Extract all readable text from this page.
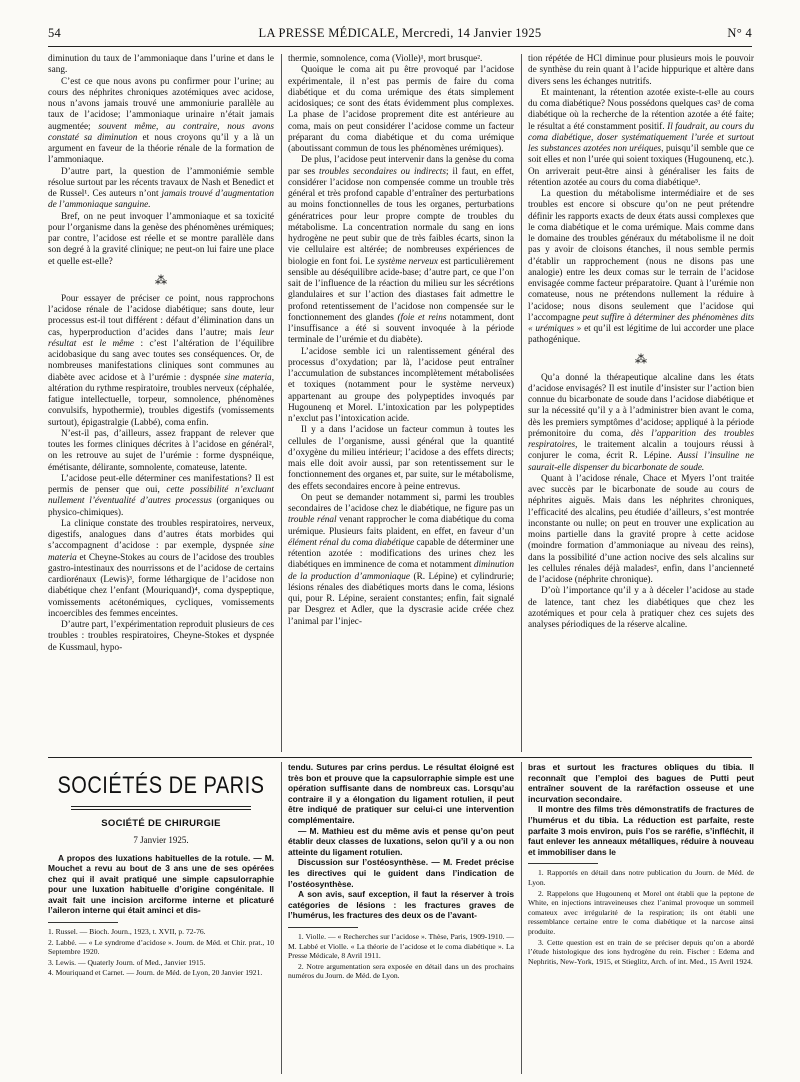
54	LA PRESSE MÉDICALE, Mercredi, 14 Janvier 1925	N° 4

diminution du taux de l’ammoniaque dans l’urine et dans le sang.

C’est ce que nous avons pu confirmer pour l’urine; au cours des néphrites chroniques azotémiques avec acidose, nous n’avons jamais trouvé une ammoniurie parallèle au taux de l’acidose; l’ammoniaque urinaire n’était jamais augmentée; souvent même, au contraire, nous avons constaté sa diminution et nous croyons qu’il y a là un argument en faveur de la théorie rénale de la formation de l’ammoniaque.

D’autre part, la question de l’ammoniémie semble résolue surtout par les récents travaux de Nash et Benedict et de Russel¹. Ces auteurs n’ont jamais trouvé d’augmentation de l’ammoniaque sanguine.

Bref, on ne peut invoquer l’ammoniaque et sa toxicité pour l’organisme dans la genèse des phénomènes urémiques; par contre, l’acidose est réelle et se montre parallèle dans son degré à la gravité clinique; ne peut-on lui faire une place et quelle est-elle?

⁂

Pour essayer de préciser ce point, nous rapprochons l’acidose rénale de l’acidose diabétique; sans doute, leur processus est-il tout différent : défaut d’élimination dans un cas, hyperproduction d’acides dans l’autre; mais leur résultat est le même : c’est l’altération de l’équilibre acidobasique du sang avec toutes ses conséquences. Or, de nombreuses manifestations cliniques sont communes au diabète avec acidose et à l’urémie : dyspnée sine materia, altération du rythme respiratoire, troubles nerveux (céphalée, fatigue intellectuelle, torpeur, somnolence, phénomènes convulsifs, hypothermie), troubles digestifs (vomissements surtout), épigastralgie (Labbé), coma enfin.

N’est-il pas, d’ailleurs, assez frappant de relever que toutes les formes cliniques décrites à l’acidose en général², on les retrouve au sujet de l’urémie : forme dyspnéique, émétisante, délirante, somnolente, comateuse, latente.

L’acidose peut-elle déterminer ces manifestations? Il est permis de penser que oui, cette possibilité n’excluant nullement l’éventualité d’autres processus (organiques ou physico-chimiques).

La clinique constate des troubles respiratoires, nerveux, digestifs, analogues dans d’autres états morbides qui s’accompagnent d’acidose : par exemple, dyspnée sine materia et Cheyne-Stokes au cours de l’acidose des troubles gastro-intestinaux des nourrissons et de l’acidose de certains cardiorénaux (Lewis)³, forme léthargique de l’acidose non diabétique chez l’enfant (Mouriquand)⁴, coma dyspeptique, vomissements acétonémiques, cycliques, vomissements incoercibles des femmes enceintes.

D’autre part, l’expérimentation reproduit plusieurs de ces troubles : troubles respiratoires, Cheyne-Stokes et dyspnée de Kussmaul, hypo-

thermie, somnolence, coma (Violle)¹, mort brusque².

Quoique le coma ait pu être provoqué par l’acidose expérimentale, il n’est pas permis de faire du coma diabétique et du coma urémique des états simplement acidosiques; ce sont des états évidemment plus complexes. La phase de l’acidose proprement dite est antérieure au coma, mais on peut considérer l’acidose comme un facteur préparant du coma diabétique et du coma urémique (aboutissant commun de tous les phénomènes urémiques).

De plus, l’acidose peut intervenir dans la genèse du coma par ses troubles secondaires ou indirects; il faut, en effet, considérer l’acidose non compensée comme un trouble très général et très profond capable d’entraîner des perturbations au moins fonctionnelles de tous les organes, perturbations génératrices pour leur propre compte de troubles du métabolisme. La concentration normale du sang en ions hydrogène ne peut subir que de très faibles écarts, sinon la vie cellulaire est altérée; de nombreuses expériences de biologie en font foi. Le système nerveux est particulièrement sensible au déséquilibre acide-base; d’autre part, ce que l’on sait de l’influence de la réaction du milieu sur les sécrétions glandulaires et sur l’action des diastases fait admettre le profond retentissement de l’acidose non compensée sur le fonctionnement des glandes (foie et reins notamment, dont l’insuffisance a été si souvent invoquée à la période terminale de l’urémie et du diabète).

L’acidose semble ici un ralentissement général des processus d’oxydation; par là, l’acidose peut entraîner l’accumulation de substances incomplètement métabolisées et toxiques (notamment pour le système nerveux) appartenant au groupe des polypeptides invoqués par Hugounenq et Morel. L’intoxication par les polypeptides n’exclut pas l’intoxication acide.

Il y a dans l’acidose un facteur commun à toutes les cellules de l’organisme, aussi général que la quantité d’oxygène du milieu intérieur; l’acidose a des effets directs; mais elle doit avoir aussi, par son retentissement sur le fonctionnement des organes et, par suite, sur le métabolisme, des effets secondaires encore à peine entrevus.

On peut se demander notamment si, parmi les troubles secondaires de l’acidose chez le diabétique, ne figure pas un trouble rénal venant rapprocher le coma diabétique du coma urémique. Plusieurs faits plaident, en effet, en faveur d’un élément rénal du coma diabétique capable de déterminer une rétention azotée : modifications des urines chez les diabétiques en imminence de coma et notamment diminution de la production d’ammoniaque (R. Lépine) et cylindrurie; lésions rénales des diabétiques morts dans le coma, lésions qui, pour R. Lépine, seraient constantes; enfin, fait signalé par Desgrez et Adler, que la dyscrasie acide créée chez l’animal par l’injec-

tion répétée de HCl diminue pour plusieurs mois le pouvoir de synthèse du rein quant à l’acide hippurique et altère dans divers sens les échanges nutritifs.

Et maintenant, la rétention azotée existe-t-elle au cours du coma diabétique? Nous possédons quelques cas³ de coma diabétique où la recherche de la rétention azotée a été faite; le résultat a été constamment positif. Il faudrait, au cours du coma diabétique, doser systématiquement l’urée et surtout les substances azotées non uréiques, puisqu’il semble que ce soit elles et non l’urée qui soient toxiques (Hugounenq, etc.). On arriverait peut-être ainsi à généraliser les faits de rétention azotée au cours du coma diabétique⁵.

La question du métabolisme intermédiaire et de ses troubles est encore si obscure qu’on ne peut prétendre définir les rapports exacts de deux états aussi complexes que le coma diabétique et le coma urémique. Mais comme dans le domaine des troubles généraux du métabolisme il ne doit pas y avoir de cloisons étanches, il nous semble permis d’établir un rapprochement (nous ne disons pas une analogie) entre les deux comas sur le terrain de l’acidose envisagée comme facteur préparatoire. Quant à l’urémie non comateuse, nous ne prétendons nullement la réduire à l’acidose; nous disons seulement que l’acidose qui l’accompagne peut suffire à déterminer des phénomènes dits « urémiques » et qu’il est légitime de lui accorder une place pathogénique.

⁂

Qu’a donné la thérapeutique alcaline dans les états d’acidose envisagés? Il est inutile d’insister sur l’action bien connue du bicarbonate de soude dans l’acidose diabétique et sur la nécessité qu’il y a à l’administrer bien avant le coma, dès les premiers symptômes d’acidose; appliqué à la période prémonitoire du coma, dès l’apparition des troubles respiratoires, le traitement alcalin a toujours réussi à conjurer le coma, écrit R. Lépine. Aussi l’insuline ne saurait-elle dispenser du bicarbonate de soude.

Quant à l’acidose rénale, Chace et Myers l’ont traitée avec succès par le bicarbonate de soude au cours de néphrites aiguës. Mais dans les néphrites chroniques, l’efficacité des alcalins, peu étudiée d’ailleurs, s’est montrée inconstante ou nulle; on peut en trouver une explication au moins partielle dans la gravité propre à cette acidose (moindre formation d’ammoniaque au niveau des reins), dans la possibilité d’une action nocive des sels alcalins sur les cellules rénales déjà malades², enfin, dans l’ancienneté de l’acidose (néphrite chronique).

D’où l’importance qu’il y a à déceler l’acidose au stade de latence, tant chez les diabétiques que chez les azotémiques et pour cela à pratiquer chez ces sujets des analyses périodiques de la réserve alcaline.

SOCIÉTÉS DE PARIS
SOCIÉTÉ DE CHIRURGIE
7 Janvier 1925.

A propos des luxations habituelles de la rotule. — M. Mouchet a revu au bout de 3 ans une de ses opérées chez qui il avait pratiqué une simple capsulorraphie pour une luxation habituelle d’origine congénitale. Il avait fait une incision arciforme interne et plicaturé l’aileron interne qui était aminci et dis-

1. Russel. — Bioch. Journ., 1923, t. XVII, p. 72-76.

2. Labbé. — « Le syndrome d’acidose ». Journ. de Méd. et Chir. prat., 10 Septembre 1920.

3. Lewis. — Quaterly Journ. of Med., Janvier 1915.

4. Mouriquand et Carnet. — Journ. de Méd. de Lyon, 20 Janvier 1921.

tendu. Sutures par crins perdus. Le résultat éloigné est très bon et prouve que la capsulorraphie simple est une opération suffisante dans de nombreux cas. Lorsqu’au contraire il y a élongation du ligament rotulien, il peut être indiqué de pratiquer sur celui-ci une intervention complémentaire.

— M. Mathieu est du même avis et pense qu’on peut établir deux classes de luxations, selon qu’il y a ou non atteinte du ligament rotulien.

Discussion sur l’ostéosynthèse. — M. Fredet précise les directives qui le guident dans l’indication de l’ostéosynthèse.

A son avis, sauf exception, il faut la réserver à trois catégories de lésions : les fractures graves de l’humérus, les fractures des deux os de l’avant-

1. Violle. — « Recherches sur l’acidose ». Thèse, Paris, 1909-1910. — M. Labbé et Violle. « La théorie de l’acidose et le coma diabétique ». La Presse Médicale, 8 Avril 1911.

2. Notre argumentation sera exposée en détail dans un des prochains numéros du Journ. de Méd. de Lyon.

bras et surtout les fractures obliques du tibia. Il reconnaît que l’emploi des bagues de Putti peut entraîner souvent de la raréfaction osseuse et une incurvation secondaire.

Il montre des films très démonstratifs de fractures de l’humérus et du tibia. La réduction est parfaite, reste parfaite 3 mois environ, puis l’os se raréfie, s’infléchit, il faut enlever les anneaux métalliques, réduire à nouveau et immobiliser dans le

1. Rapportés en détail dans notre publication du Journ. de Méd. de Lyon.

2. Rappelons que Hugounenq et Morel ont établi que la peptone de White, en injections intraveineuses chez l’animal provoque un sommeil comateux avec irrégularité de la respiration; ils ont établi une ressemblance certaine entre le coma diabétique et la narcose ainsi produite.

3. Cette question est en train de se préciser depuis qu’on a abordé l’étude histologique des ions hydrogène du rein. Fischer : Edema and Nephritis, New-York, 1915, et Stieglitz, Arch. of int. Med., 15 Avril 1924.
